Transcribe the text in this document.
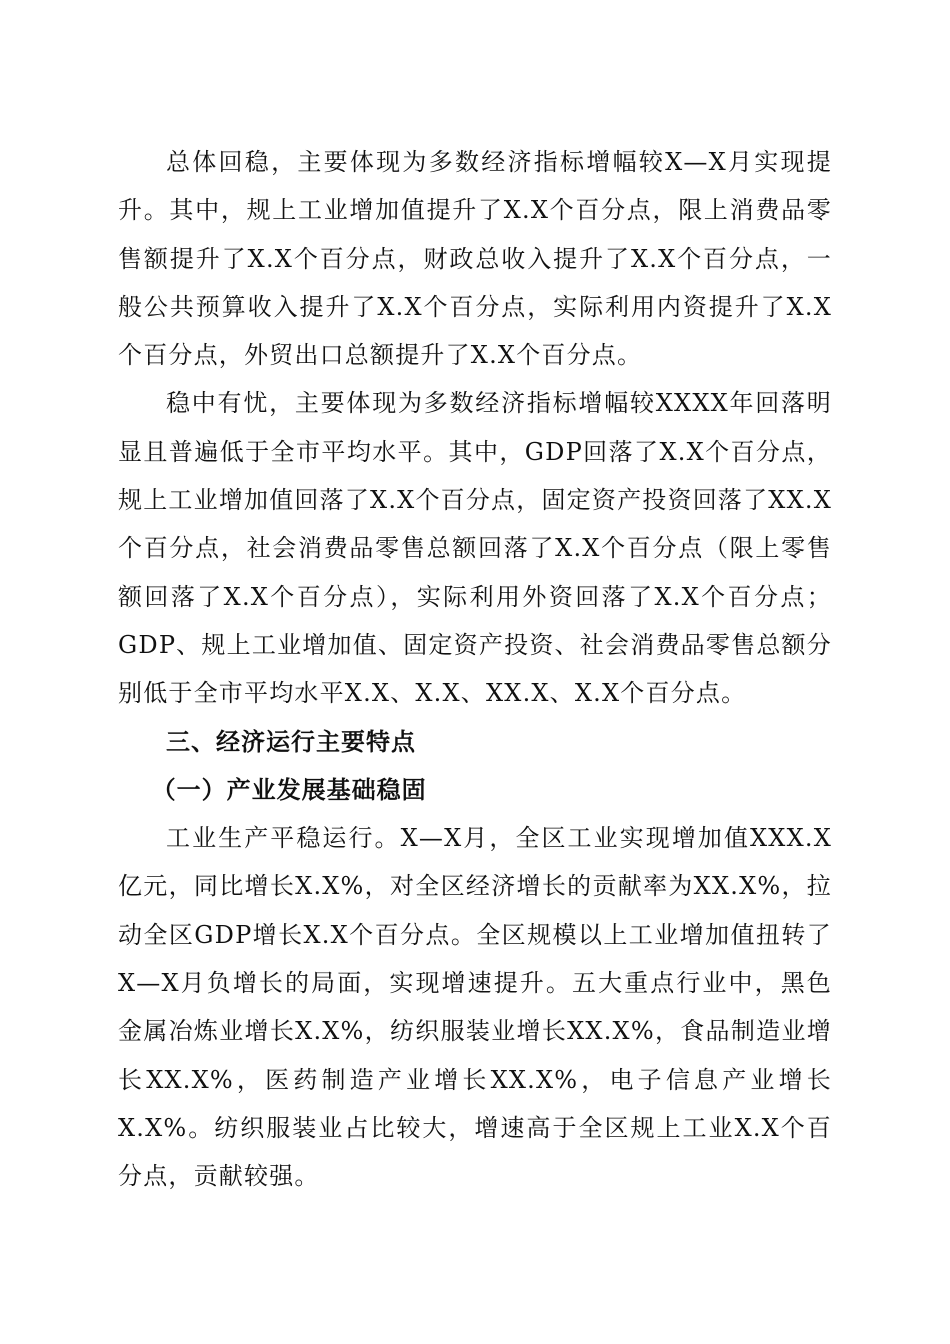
总体回稳，主要体现为多数经济指标增幅较X—X月实现提升。其中，规上工业增加值提升了X.X个百分点，限上消费品零售额提升了X.X个百分点，财政总收入提升了X.X个百分点，一般公共预算收入提升了X.X个百分点，实际利用内资提升了X.X个百分点，外贸出口总额提升了X.X个百分点。

稳中有忧，主要体现为多数经济指标增幅较XXXX年回落明显且普遍低于全市平均水平。其中，GDP回落了X.X个百分点，规上工业增加值回落了X.X个百分点，固定资产投资回落了XX.X个百分点，社会消费品零售总额回落了X.X个百分点（限上零售额回落了X.X个百分点），实际利用外资回落了X.X个百分点；GDP、规上工业增加值、固定资产投资、社会消费品零售总额分别低于全市平均水平X.X、X.X、XX.X、X.X个百分点。

三、经济运行主要特点

（一）产业发展基础稳固

工业生产平稳运行。X—X月，全区工业实现增加值XXX.X亿元，同比增长X.X%，对全区经济增长的贡献率为XX.X%，拉动全区GDP增长X.X个百分点。全区规模以上工业增加值扭转了X—X月负增长的局面，实现增速提升。五大重点行业中，黑色金属冶炼业增长X.X%，纺织服装业增长XX.X%，食品制造业增长XX.X%，医药制造产业增长XX.X%，电子信息产业增长X.X%。纺织服装业占比较大，增速高于全区规上工业X.X个百分点，贡献较强。
